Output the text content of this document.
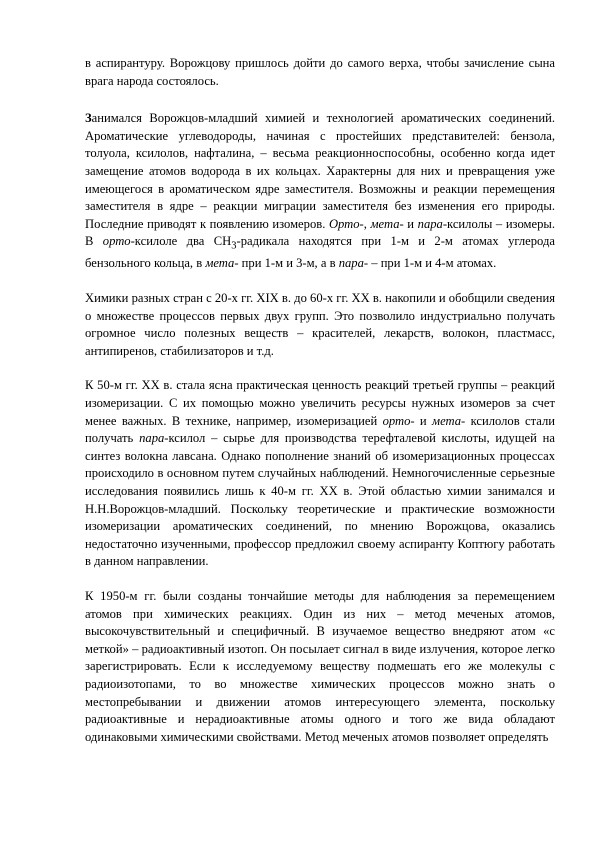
в аспирантуру. Ворожцову пришлось дойти до самого верха, чтобы зачисление сына врага народа состоялось.

Занимался Ворожцов-младший химией и технологией ароматических соединений. Ароматические углеводороды, начиная с простейших представителей: бензола, толуола, ксилолов, нафталина, – весьма реакционноспособны, особенно когда идет замещение атомов водорода в их кольцах. Характерны для них и превращения уже имеющегося в ароматическом ядре заместителя. Возможны и реакции перемещения заместителя в ядре – реакции миграции заместителя без изменения его природы. Последние приводят к появлению изомеров. Орто-, мета- и пара-ксилолы – изомеры. В орто-ксилоле два $CH_3$-радикала находятся при 1-м и 2-м атомах углерода бензольного кольца, в мета- при 1-м и 3-м, а в пара- – при 1-м и 4-м атомах.

Химики разных стран с 20-х гг. XIX в. до 60-х гг. XX в. накопили и обобщили сведения о множестве процессов первых двух групп. Это позволило индустриально получать огромное число полезных веществ – красителей, лекарств, волокон, пластмасс, антипиренов, стабилизаторов и т.д.

К 50-м гг. XX в. стала ясна практическая ценность реакций третьей группы – реакций изомеризации. С их помощью можно увеличить ресурсы нужных изомеров за счет менее важных. В технике, например, изомеризацией орто- и мета- ксилолов стали получать пара-ксилол – сырье для производства терефталевой кислоты, идущей на синтез волокна лавсана. Однако пополнение знаний об изомеризационных процессах происходило в основном путем случайных наблюдений. Немногочисленные серьезные исследования появились лишь к 40-м гг. XX в. Этой областью химии занимался и Н.Н.Ворожцов-младший. Поскольку теоретические и практические возможности изомеризации ароматических соединений, по мнению Ворожцова, оказались недостаточно изученными, профессор предложил своему аспиранту Коптюгу работать в данном направлении.

К 1950-м гг. были созданы тончайшие методы для наблюдения за перемещением атомов при химических реакциях. Один из них – метод меченых атомов, высокочувствительный и специфичный. В изучаемое вещество внедряют атом «с меткой» – радиоактивный изотоп. Он посылает сигнал в виде излучения, которое легко зарегистрировать. Если к исследуемому веществу подмешать его же молекулы с радиоизотопами, то во множестве химических процессов можно знать о местопребывании и движении атомов интересующего элемента, поскольку радиоактивные и нерадиоактивные атомы одного и того же вида обладают одинаковыми химическими свойствами. Метод меченых атомов позволяет определять
